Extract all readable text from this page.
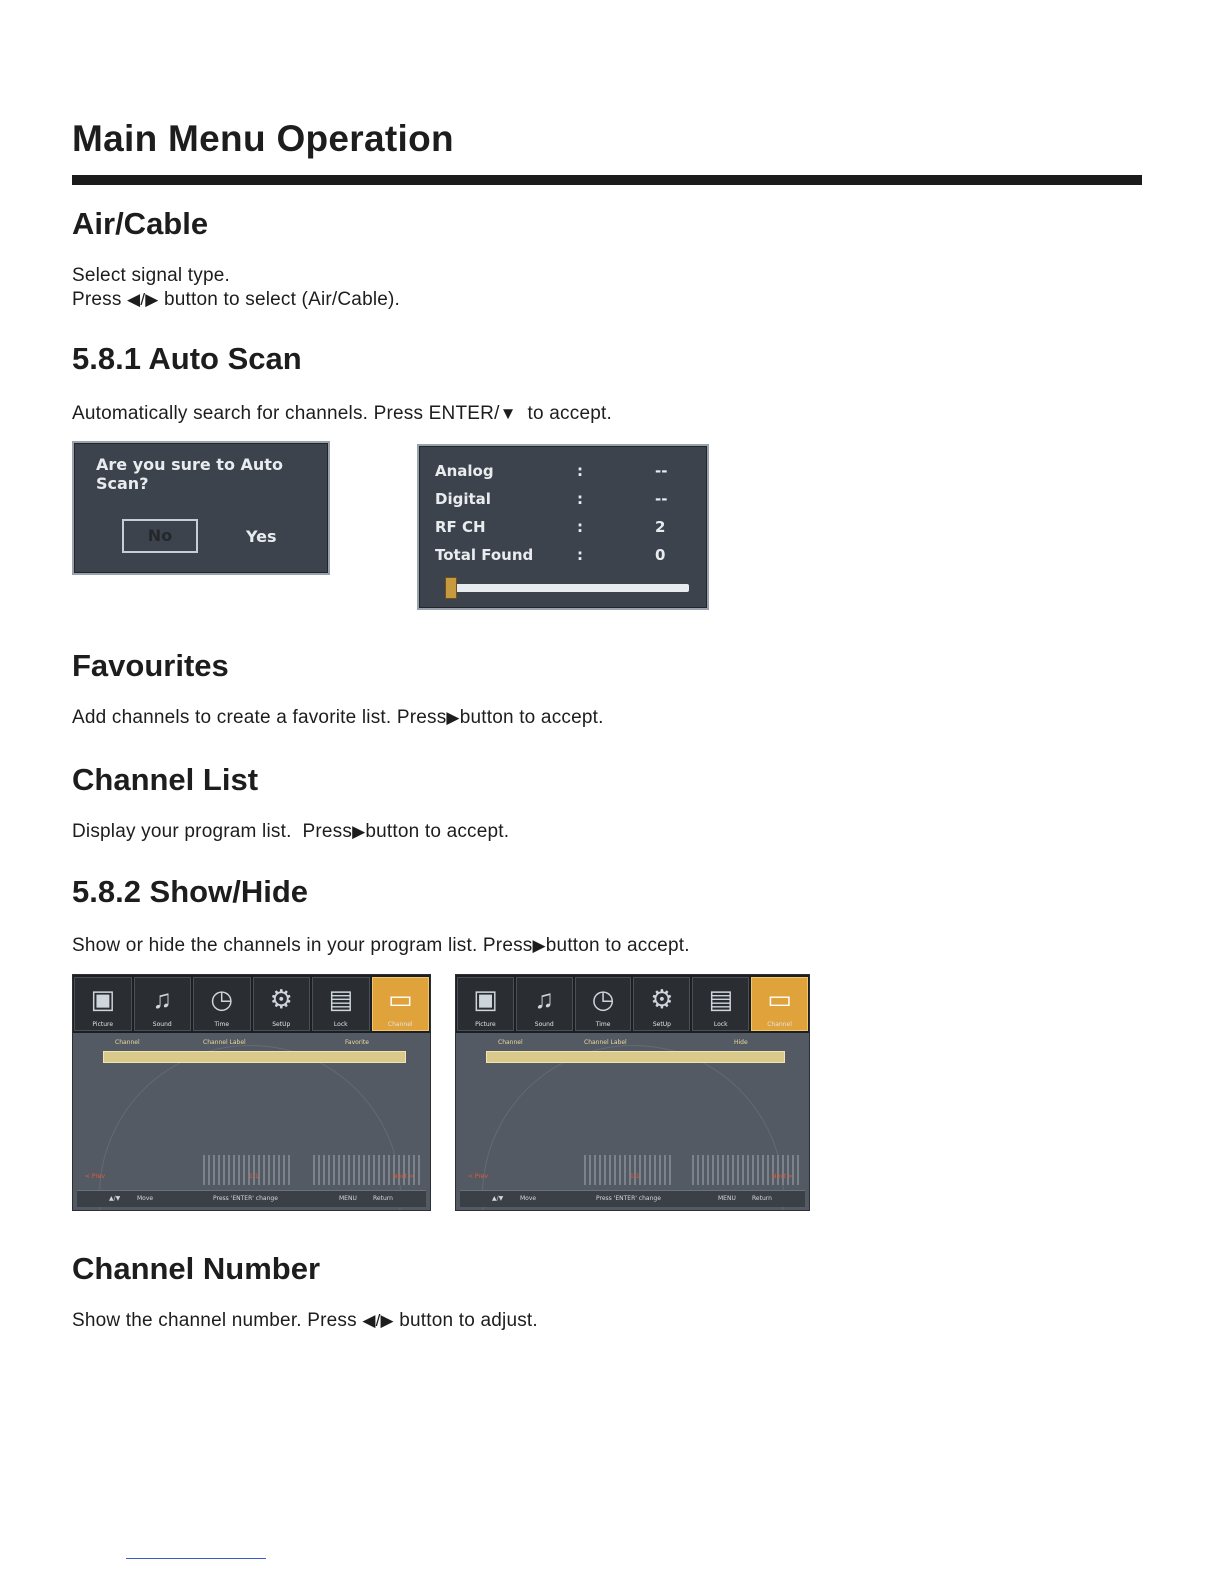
Main Menu Operation
Air/Cable
Select signal type.
Press ◀/▶ button to select (Air/Cable).
5.8.1 Auto Scan
Automatically search for channels. Press ENTER/▼  to accept.
Are you sure to Auto Scan?
No	Yes
Analog	:	--
Digital	:	--
RF CH	:	2
Total Found	:	0
Favourites
Add channels to create a favorite list. Press▶button to accept.
Channel List
Display your program list.  Press▶button to accept.
5.8.2 Show/Hide
Show or hide the channels in your program list. Press▶button to accept.
▣
Picture
♫
Sound
◷
Time
⚙
SetUp
▤
Lock
▭
Channel
Channel	Channel Label	Favorite
< Prev	1/1	Next >
▲/▼	Move	Press 'ENTER' change	MENU	Return
▣
Picture
♫
Sound
◷
Time
⚙
SetUp
▤
Lock
▭
Channel
Channel	Channel Label	Hide
< Prev	1/1	Next >
▲/▼	Move	Press 'ENTER' change	MENU	Return
Channel Number
Show the channel number. Press ◀/▶ button to adjust.
